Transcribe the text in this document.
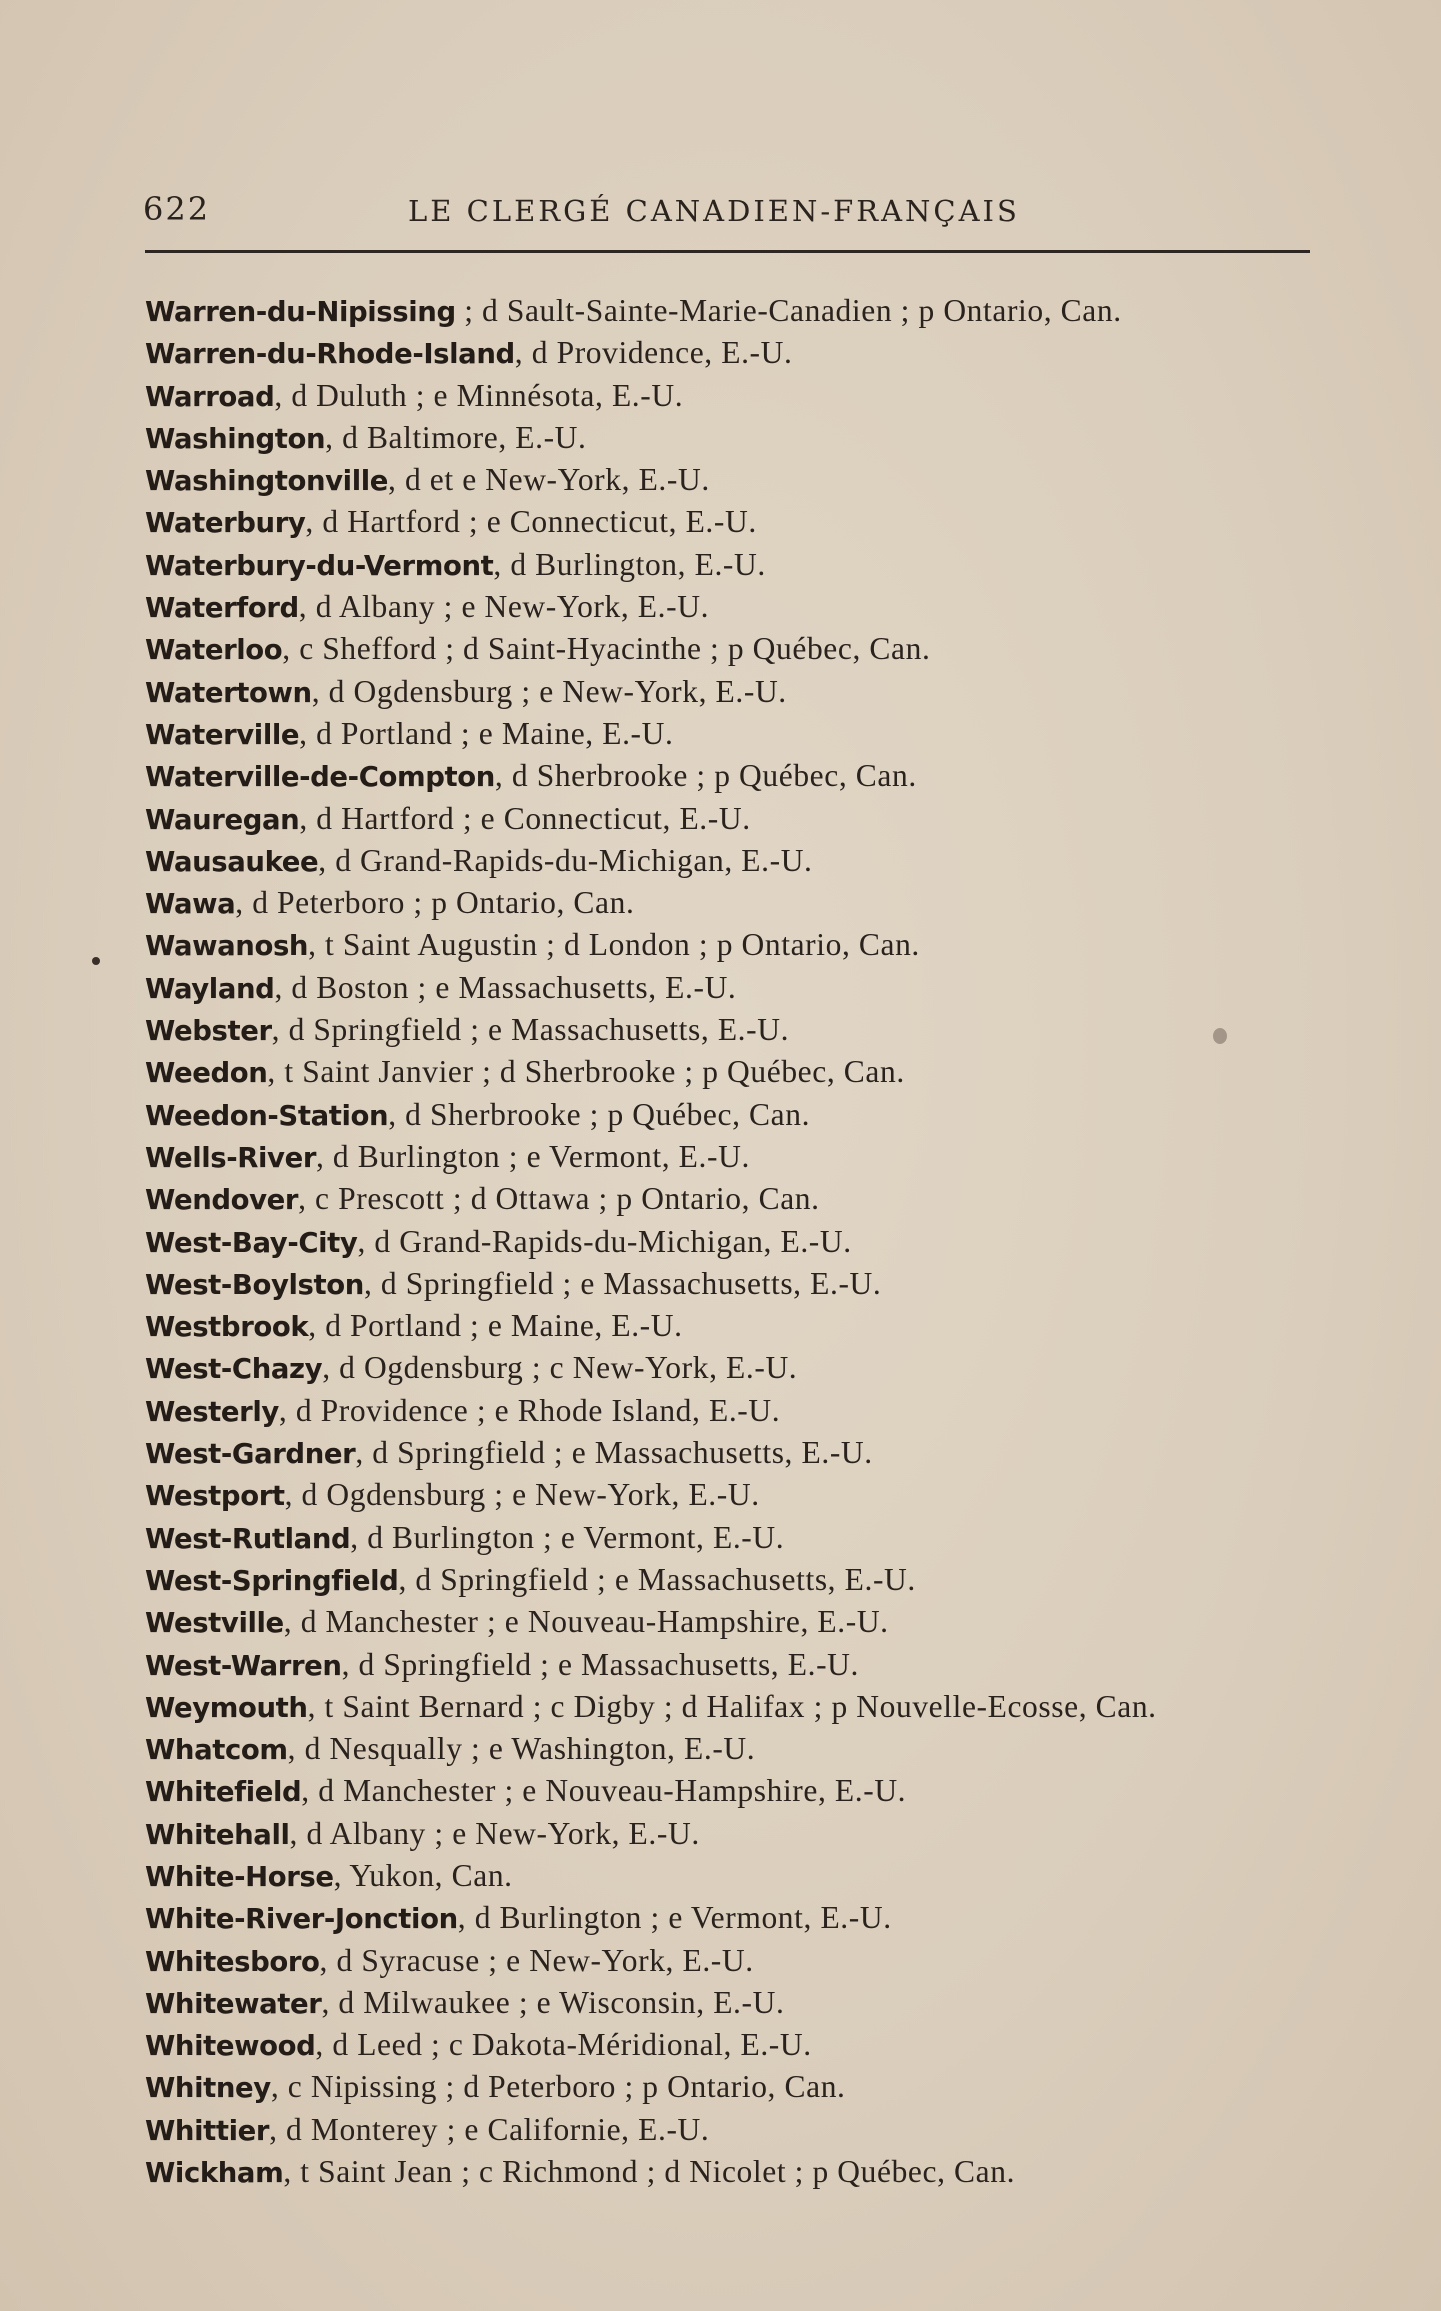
622	LE CLERGÉ CANADIEN-FRANÇAIS
Warren-du-Nipissing ; d Sault-Sainte-Marie-Canadien ; p Ontario, Can.
Warren-du-Rhode-Island, d Providence, E.-U.
Warroad, d Duluth ; e Minnésota, E.-U.
Washington, d Baltimore, E.-U.
Washingtonville, d et e New-York, E.-U.
Waterbury, d Hartford ; e Connecticut, E.-U.
Waterbury-du-Vermont, d Burlington, E.-U.
Waterford, d Albany ; e New-York, E.-U.
Waterloo, c Shefford ; d Saint-Hyacinthe ; p Québec, Can.
Watertown, d Ogdensburg ; e New-York, E.-U.
Waterville, d Portland ; e Maine, E.-U.
Waterville-de-Compton, d Sherbrooke ; p Québec, Can.
Wauregan, d Hartford ; e Connecticut, E.-U.
Wausaukee, d Grand-Rapids-du-Michigan, E.-U.
Wawa, d Peterboro ; p Ontario, Can.
Wawanosh, t Saint Augustin ; d London ; p Ontario, Can.
Wayland, d Boston ; e Massachusetts, E.-U.
Webster, d Springfield ; e Massachusetts, E.-U.
Weedon, t Saint Janvier ; d Sherbrooke ; p Québec, Can.
Weedon-Station, d Sherbrooke ; p Québec, Can.
Wells-River, d Burlington ; e Vermont, E.-U.
Wendover, c Prescott ; d Ottawa ; p Ontario, Can.
West-Bay-City, d Grand-Rapids-du-Michigan, E.-U.
West-Boylston, d Springfield ; e Massachusetts, E.-U.
Westbrook, d Portland ; e Maine, E.-U.
West-Chazy, d Ogdensburg ; c New-York, E.-U.
Westerly, d Providence ; e Rhode Island, E.-U.
West-Gardner, d Springfield ; e Massachusetts, E.-U.
Westport, d Ogdensburg ; e New-York, E.-U.
West-Rutland, d Burlington ; e Vermont, E.-U.
West-Springfield, d Springfield ; e Massachusetts, E.-U.
Westville, d Manchester ; e Nouveau-Hampshire, E.-U.
West-Warren, d Springfield ; e Massachusetts, E.-U.
Weymouth, t Saint Bernard ; c Digby ; d Halifax ; p Nouvelle-Ecosse, Can.
Whatcom, d Nesqually ; e Washington, E.-U.
Whitefield, d Manchester ; e Nouveau-Hampshire, E.-U.
Whitehall, d Albany ; e New-York, E.-U.
White-Horse, Yukon, Can.
White-River-Jonction, d Burlington ; e Vermont, E.-U.
Whitesboro, d Syracuse ; e New-York, E.-U.
Whitewater, d Milwaukee ; e Wisconsin, E.-U.
Whitewood, d Leed ; c Dakota-Méridional, E.-U.
Whitney, c Nipissing ; d Peterboro ; p Ontario, Can.
Whittier, d Monterey ; e Californie, E.-U.
Wickham, t Saint Jean ; c Richmond ; d Nicolet ; p Québec, Can.
